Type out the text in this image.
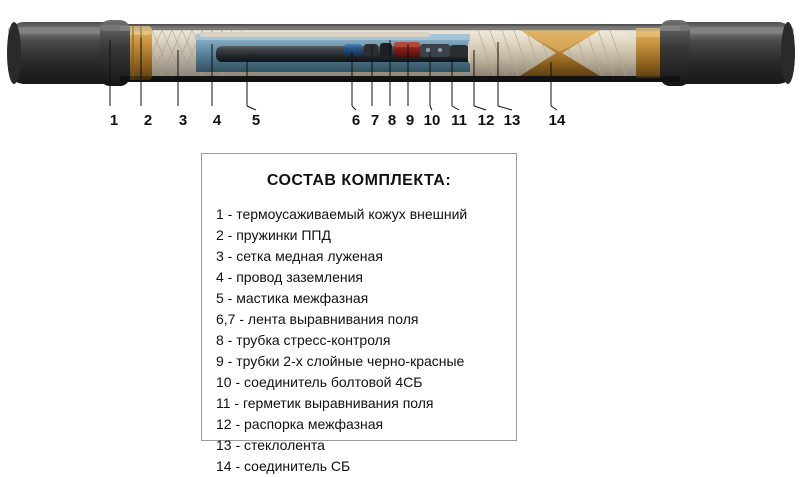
1 2 3 4 5	6 7 8 9 10 11 12 13 14
СОСТАВ КОМПЛЕКТА:
1 - термоусаживаемый кожух внешний
2 - пружинки ППД
3 - сетка медная луженая
4 - провод заземления
5 - мастика межфазная
6,7 - лента выравнивания поля
8 - трубка стресс-контроля
9 - трубки 2-х слойные черно-красные
10 - соединитель болтовой 4СБ
11 - герметик выравнивания поля
12 - распорка межфазная
13 - стеклолента
14 - соединитель СБ
